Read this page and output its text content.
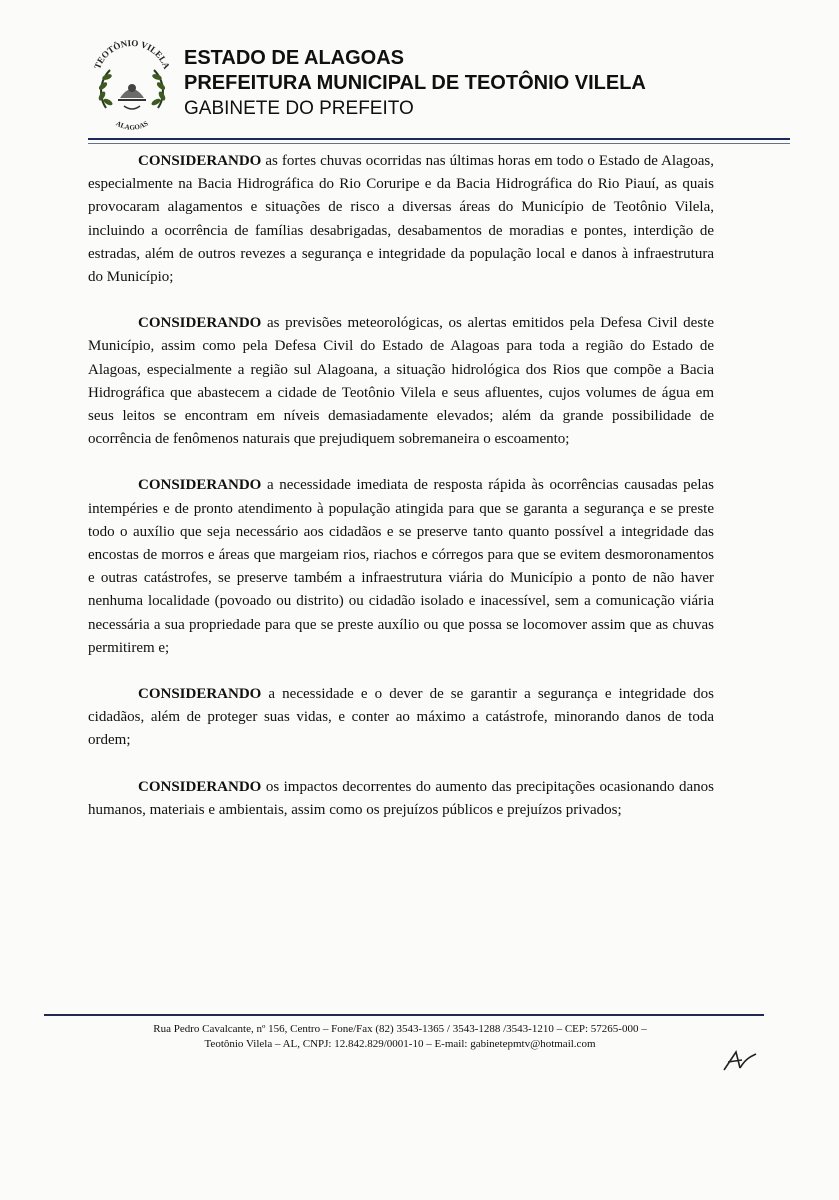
TEOTÔNIO VILELA
ALAGOAS
ESTADO DE ALAGOAS
PREFEITURA MUNICIPAL DE TEOTÔNIO VILELA
GABINETE DO PREFEITO

CONSIDERANDO as fortes chuvas ocorridas nas últimas horas em todo o Estado de Alagoas, especialmente na Bacia Hidrográfica do Rio Coruripe e da Bacia Hidrográfica do Rio Piauí, as quais provocaram alagamentos e situações de risco a diversas áreas do Município de Teotônio Vilela, incluindo a ocorrência de famílias desabrigadas, desabamentos de moradias e pontes, interdição de estradas, além de outros revezes a segurança e integridade da população local e danos à infraestrutura do Município;

CONSIDERANDO as previsões meteorológicas, os alertas emitidos pela Defesa Civil deste Município, assim como pela Defesa Civil do Estado de Alagoas para toda a região do Estado de Alagoas, especialmente a região sul Alagoana, a situação hidrológica dos Rios que compõe a Bacia Hidrográfica que abastecem a cidade de Teotônio Vilela e seus afluentes, cujos volumes de água em seus leitos se encontram em níveis demasiadamente elevados; além da grande possibilidade de ocorrência de fenômenos naturais que prejudiquem sobremaneira o escoamento;

CONSIDERANDO a necessidade imediata de resposta rápida às ocorrências causadas pelas intempéries e de pronto atendimento à população atingida para que se garanta a segurança e se preste todo o auxílio que seja necessário aos cidadãos e se preserve tanto quanto possível a integridade das encostas de morros e áreas que margeiam rios, riachos e córregos para que se evitem desmoronamentos e outras catástrofes, se preserve também a infraestrutura viária do Município a ponto de não haver nenhuma localidade (povoado ou distrito) ou cidadão isolado e inacessível, sem a comunicação viária necessária a sua propriedade para que se preste auxílio ou que possa se locomover assim que as chuvas permitirem e;

CONSIDERANDO a necessidade e o dever de se garantir a segurança e integridade dos cidadãos, além de proteger suas vidas, e conter ao máximo a catástrofe, minorando danos de toda ordem;

CONSIDERANDO os impactos decorrentes do aumento das precipitações ocasionando danos humanos, materiais e ambientais, assim como os prejuízos públicos e prejuízos privados;

Rua Pedro Cavalcante, nº 156, Centro – Fone/Fax (82) 3543-1365 / 3543-1288 /3543-1210 – CEP: 57265-000 –
Teotônio Vilela – AL, CNPJ: 12.842.829/0001-10 – E-mail: gabinetepmtv@hotmail.com
